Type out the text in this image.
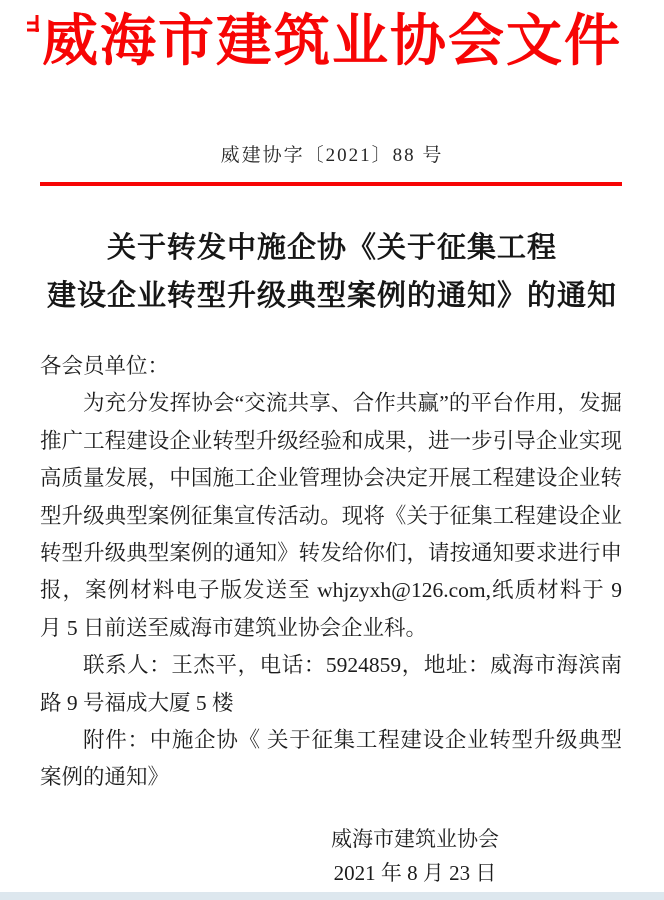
威海市建筑业协会文件
威建协字〔2021〕88 号
关于转发中施企协《关于征集工程
建设企业转型升级典型案例的通知》的通知

各会员单位：

为充分发挥协会“交流共享、合作共赢”的平台作用，发掘推广工程建设企业转型升级经验和成果，进一步引导企业实现高质量发展，中国施工企业管理协会决定开展工程建设企业转型升级典型案例征集宣传活动。现将《关于征集工程建设企业转型升级典型案例的通知》转发给你们，请按通知要求进行申报，案例材料电子版发送至 whjzyxh@126.com,纸质材料于 9 月 5 日前送至威海市建筑业协会企业科。

联系人：王杰平，电话：5924859，地址：威海市海滨南路 9 号福成大厦 5 楼

附件：中施企协《 关于征集工程建设企业转型升级典型案例的通知》

威海市建筑业协会
2021 年 8 月 23 日
